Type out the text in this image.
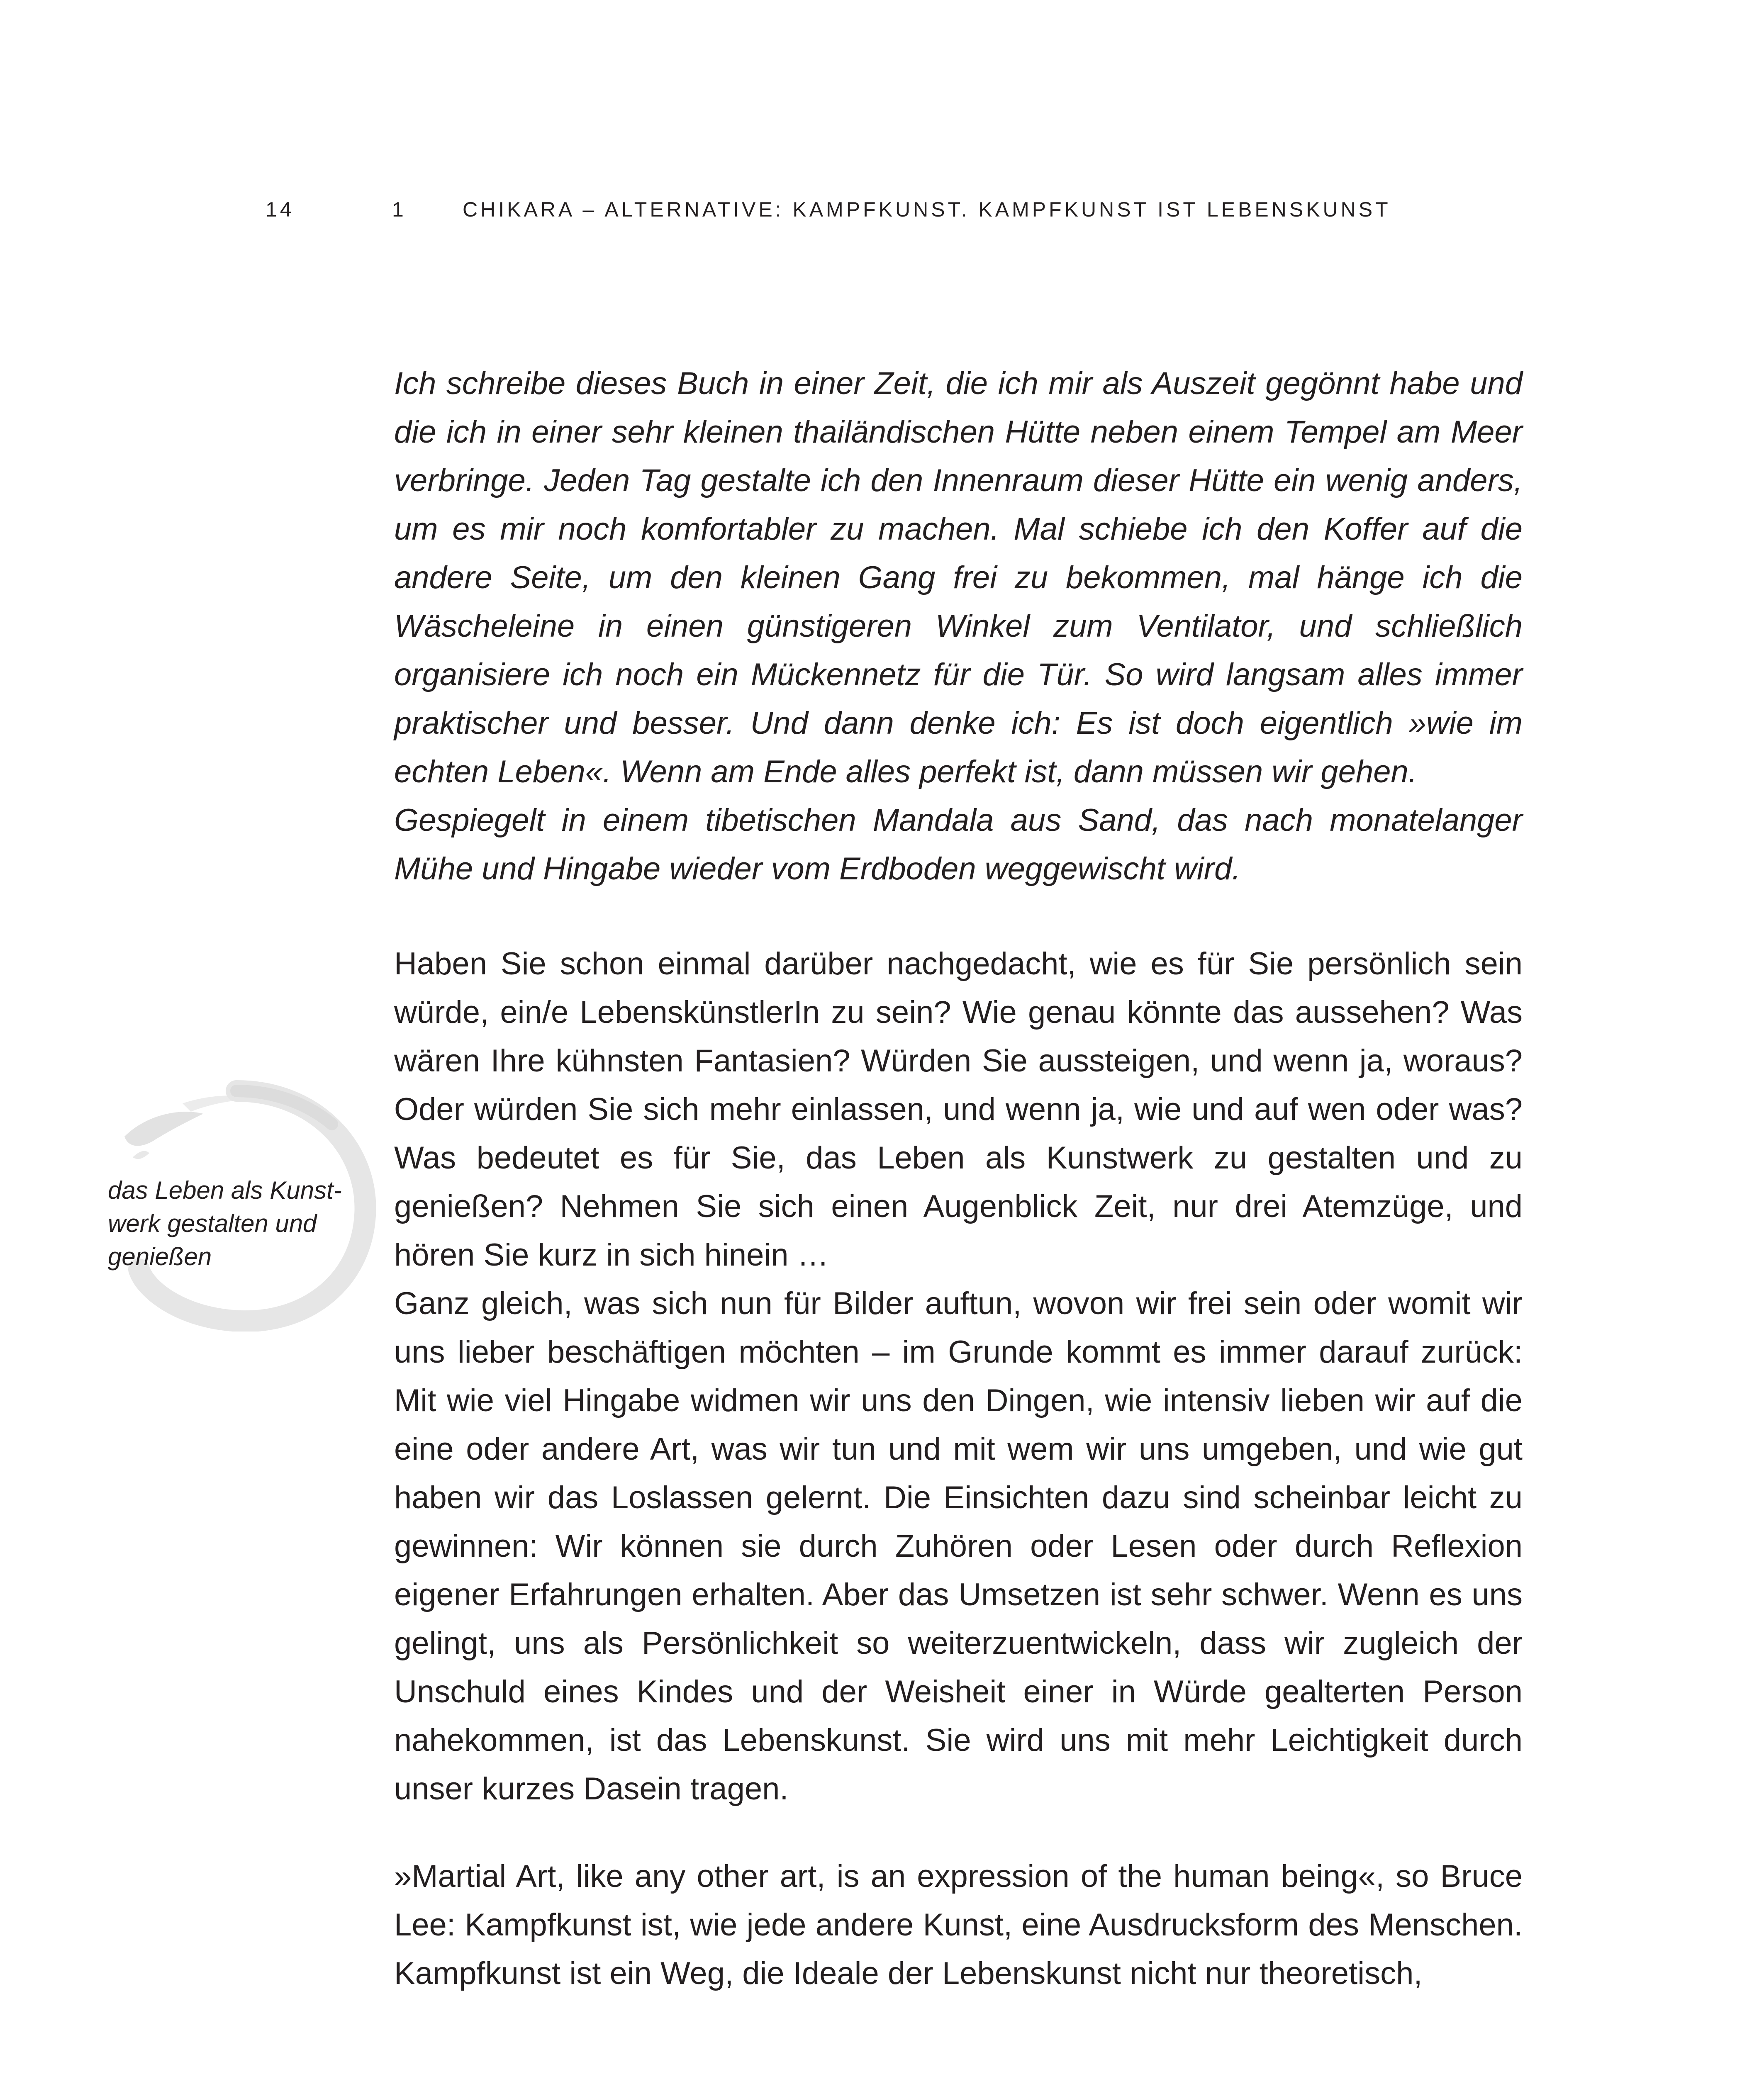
14	1	CHIKARA – ALTERNATIVE: KAMPFKUNST. KAMPFKUNST IST LEBENSKUNST

Ich schreibe dieses Buch in einer Zeit, die ich mir als Auszeit gegönnt habe und die ich in einer sehr kleinen thailändischen Hütte neben einem Tempel am Meer verbringe. Jeden Tag gestalte ich den Innenraum dieser Hütte ein wenig anders, um es mir noch komfortabler zu machen. Mal schiebe ich den Koffer auf die andere Seite, um den kleinen Gang frei zu bekommen, mal hänge ich die Wäscheleine in einen günstigeren Winkel zum Ventilator, und schließlich organisiere ich noch ein Mückennetz für die Tür. So wird langsam alles immer praktischer und besser. Und dann denke ich: Es ist doch eigentlich »wie im echten Leben«. Wenn am Ende alles perfekt ist, dann müssen wir gehen.

Gespiegelt in einem tibetischen Mandala aus Sand, das nach monatelanger Mühe und Hingabe wieder vom Erdboden weggewischt wird.

Haben Sie schon einmal darüber nachgedacht, wie es für Sie persönlich sein würde, ein/e LebenskünstlerIn zu sein? Wie genau könnte das aussehen? Was wären Ihre kühnsten Fantasien? Würden Sie aussteigen, und wenn ja, woraus? Oder würden Sie sich mehr einlassen, und wenn ja, wie und auf wen oder was? Was bedeutet es für Sie, das Leben als Kunstwerk zu gestalten und zu genießen? Nehmen Sie sich einen Augenblick Zeit, nur drei Atemzüge, und hören Sie kurz in sich hinein …

Ganz gleich, was sich nun für Bilder auftun, wovon wir frei sein oder womit wir uns lieber beschäftigen möchten – im Grunde kommt es immer darauf zurück: Mit wie viel Hingabe widmen wir uns den Dingen, wie intensiv lieben wir auf die eine oder andere Art, was wir tun und mit wem wir uns umgeben, und wie gut haben wir das Loslassen gelernt. Die Einsichten dazu sind scheinbar leicht zu gewinnen: Wir können sie durch Zuhören oder Lesen oder durch Reflexion eigener Erfahrungen erhalten. Aber das Umsetzen ist sehr schwer. Wenn es uns gelingt, uns als Persönlichkeit so weiterzuentwickeln, dass wir zugleich der Unschuld eines Kindes und der Weisheit einer in Würde gealterten Person nahekommen, ist das Lebenskunst. Sie wird uns mit mehr Leichtigkeit durch unser kurzes Dasein tragen.

»Martial Art, like any other art, is an expression of the human being«, so Bruce Lee: Kampfkunst ist, wie jede andere Kunst, eine Ausdrucksform des Menschen. Kampfkunst ist ein Weg, die Ideale der Lebenskunst nicht nur theoretisch,

das Leben als Kunst-
werk gestalten und
genießen
